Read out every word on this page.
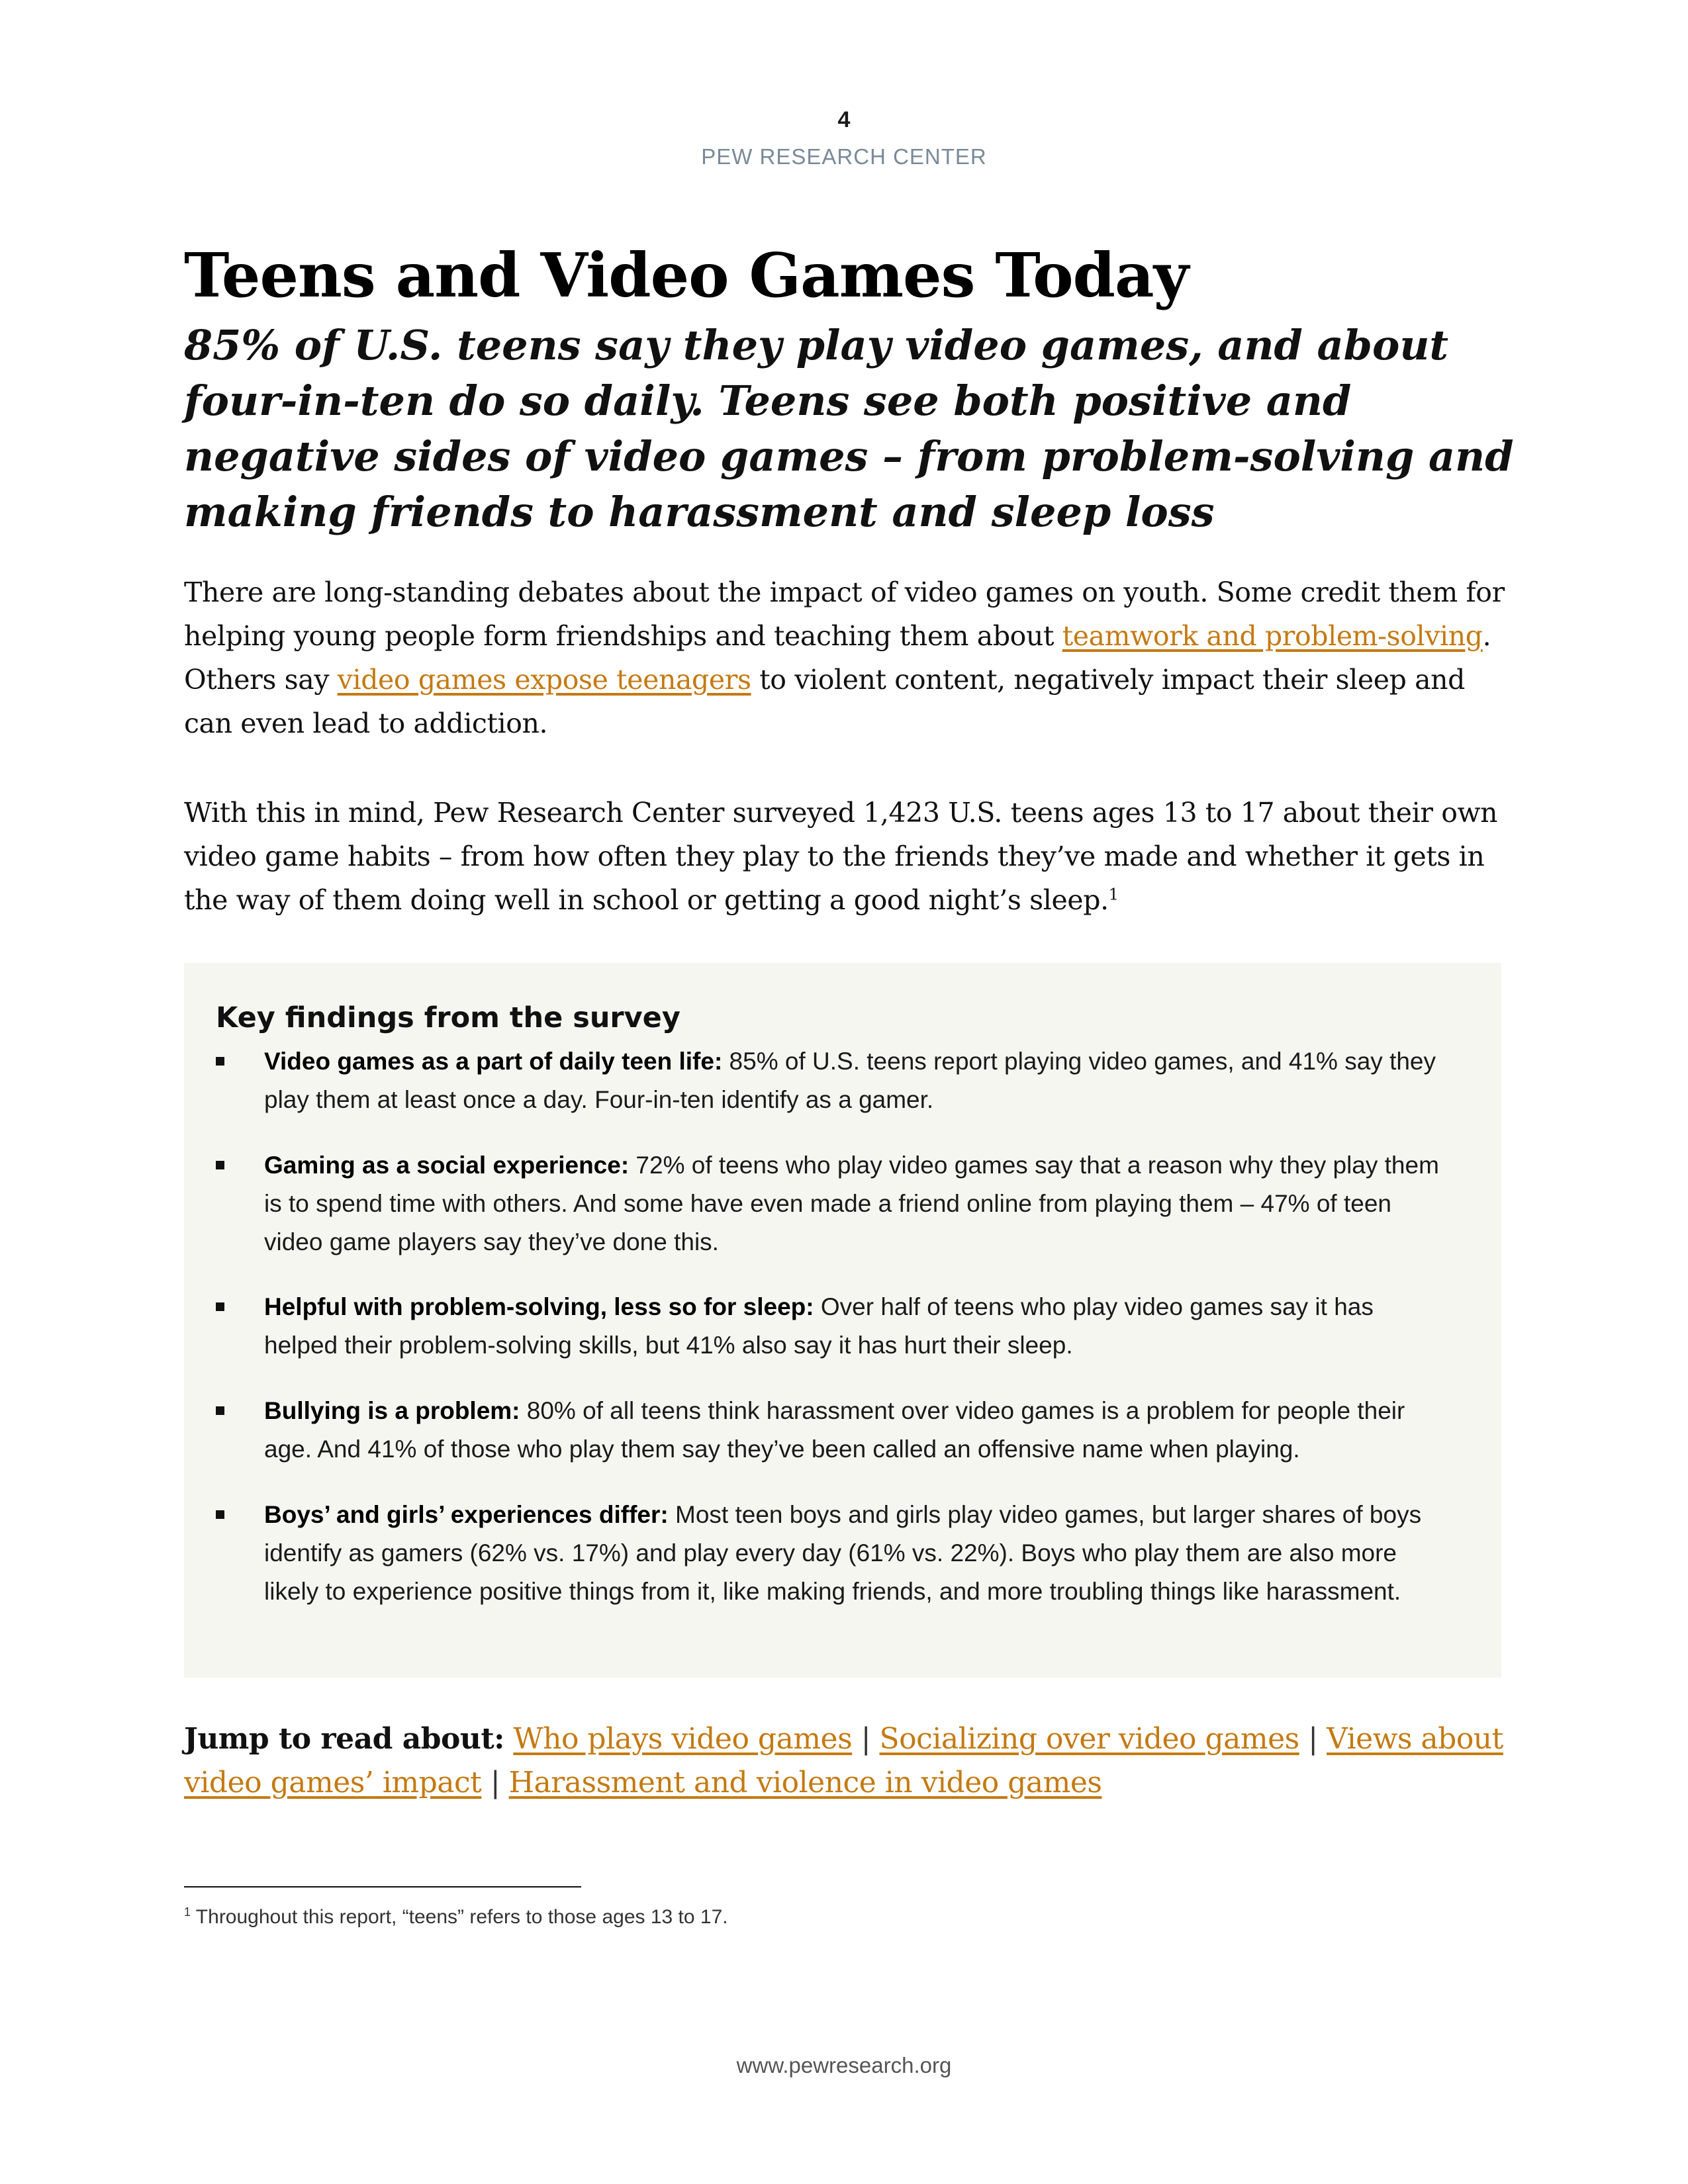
4
PEW RESEARCH CENTER
Teens and Video Games Today
85% of U.S. teens say they play video games, and about four-in-ten do so daily. Teens see both positive and negative sides of video games – from problem-solving and making friends to harassment and sleep loss

There are long-standing debates about the impact of video games on youth. Some credit them for helping young people form friendships and teaching them about teamwork and problem-solving. Others say video games expose teenagers to violent content, negatively impact their sleep and can even lead to addiction.

With this in mind, Pew Research Center surveyed 1,423 U.S. teens ages 13 to 17 about their own video game habits – from how often they play to the friends they’ve made and whether it gets in the way of them doing well in school or getting a good night’s sleep.$^1$

Key findings from the survey

Video games as a part of daily teen life: 85% of U.S. teens report playing video games, and 41% say they play them at least once a day. Four-in-ten identify as a gamer.

Gaming as a social experience: 72% of teens who play video games say that a reason why they play them is to spend time with others. And some have even made a friend online from playing them – 47% of teen video game players say they’ve done this.

Helpful with problem-solving, less so for sleep: Over half of teens who play video games say it has helped their problem-solving skills, but 41% also say it has hurt their sleep.

Bullying is a problem: 80% of all teens think harassment over video games is a problem for people their age. And 41% of those who play them say they’ve been called an offensive name when playing.

Boys’ and girls’ experiences differ: Most teen boys and girls play video games, but larger shares of boys identify as gamers (62% vs. 17%) and play every day (61% vs. 22%). Boys who play them are also more likely to experience positive things from it, like making friends, and more troubling things like harassment.

Jump to read about: Who plays video games | Socializing over video games | Views about video games’ impact | Harassment and violence in video games

$^1$ Throughout this report, “teens” refers to those ages 13 to 17.

www.pewresearch.org
